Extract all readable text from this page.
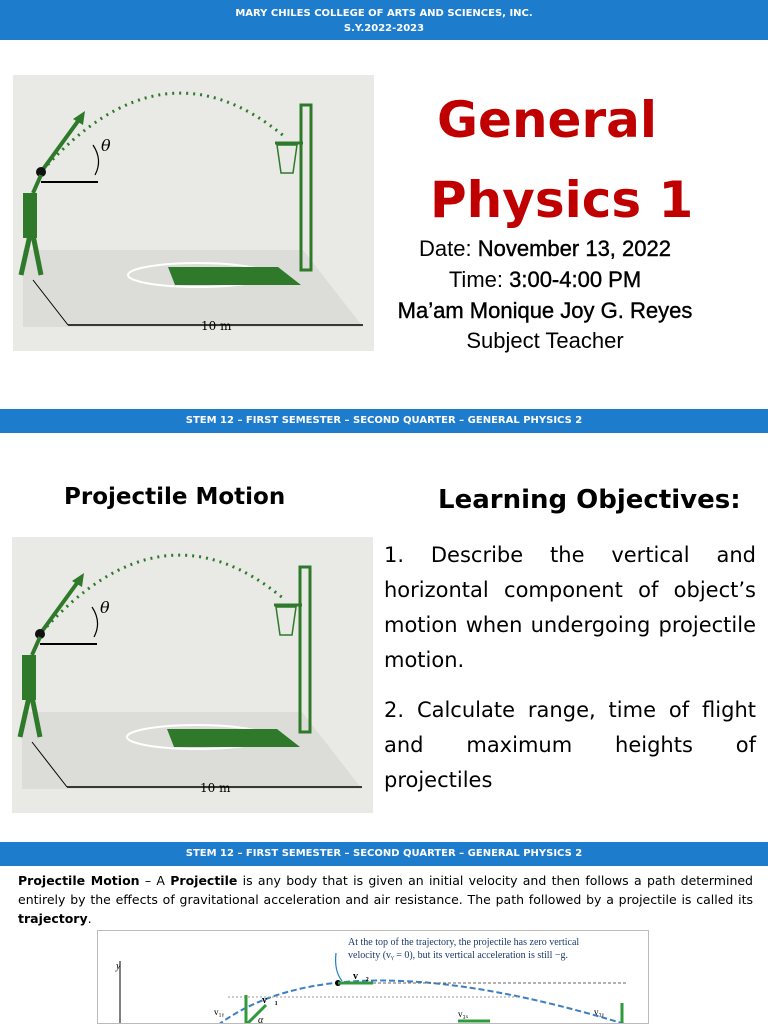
MARY CHILES COLLEGE OF ARTS AND SCIENCES, INC.
S.Y.2022-2023
θ
10 m
General
Physics 1
Date: November 13, 2022
Time: 3:00-4:00 PM
Ma’am Monique Joy G. Reyes
Subject Teacher
STEM 12 – FIRST SEMESTER – SECOND QUARTER – GENERAL PHYSICS 2
Projectile Motion	Learning Objectives:
θ
10 m
1. Describe the vertical and horizontal component of object’s motion when undergoing projectile motion.
2. Calculate range, time of flight and maximum heights of projectiles
STEM 12 – FIRST SEMESTER – SECOND QUARTER – GENERAL PHYSICS 2
Projectile Motion – A Projectile is any body that is given an initial velocity and then follows a path determined entirely by the effects of gravitational acceleration and air resistance. The path followed by a projectile is called its trajectory.
At the top of the trajectory, the projectile has zero vertical
velocity (vᵧ = 0), but its vertical acceleration is still −g.
y
v⃗₂
v₁ᵧ
v⃗₁
α
v₃ₓ	v₃ᵧ
